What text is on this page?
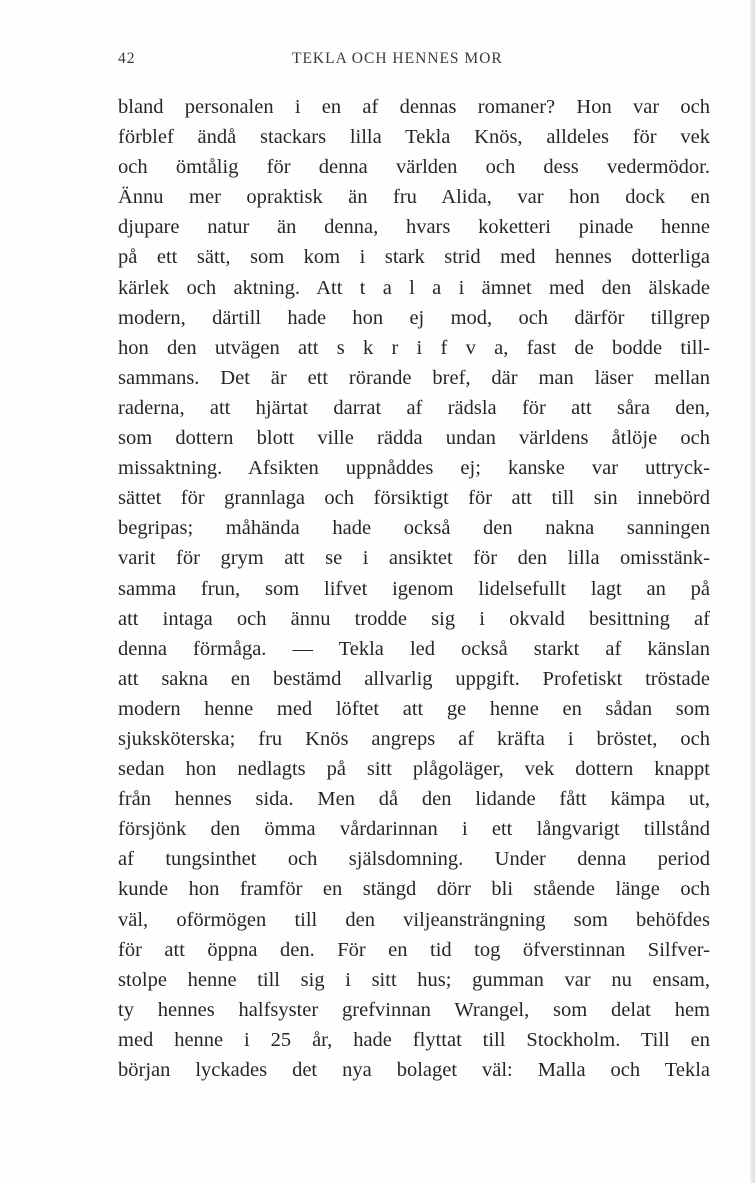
42	TEKLA OCH HENNES MOR
bland personalen i en af dennas romaner? Hon var och
förblef ändå stackars lilla Tekla Knös, alldeles för vek
och ömtålig för denna världen och dess vedermödor.
Ännu mer opraktisk än fru Alida, var hon dock en
djupare natur än denna, hvars koketteri pinade henne
på ett sätt, som kom i stark strid med hennes dotterliga
kärlek och aktning. Att t a l a i ämnet med den älskade
modern, därtill hade hon ej mod, och därför tillgrep
hon den utvägen att s k r i f v a, fast de bodde till-
sammans. Det är ett rörande bref, där man läser mellan
raderna, att hjärtat darrat af rädsla för att såra den,
som dottern blott ville rädda undan världens åtlöje och
missaktning. Afsikten uppnåddes ej; kanske var uttryck-
sättet för grannlaga och försiktigt för att till sin innebörd
begripas; måhända hade också den nakna sanningen
varit för grym att se i ansiktet för den lilla omisstänk-
samma frun, som lifvet igenom lidelsefullt lagt an på
att intaga och ännu trodde sig i okvald besittning af
denna förmåga. — Tekla led också starkt af känslan
att sakna en bestämd allvarlig uppgift. Profetiskt tröstade
modern henne med löftet att ge henne en sådan som
sjuksköterska; fru Knös angreps af kräfta i bröstet, och
sedan hon nedlagts på sitt plågoläger, vek dottern knappt
från hennes sida. Men då den lidande fått kämpa ut,
försjönk den ömma vårdarinnan i ett långvarigt tillstånd
af tungsinthet och själsdomning. Under denna period
kunde hon framför en stängd dörr bli stående länge och
väl, oförmögen till den viljeansträngning som behöfdes
för att öppna den. För en tid tog öfverstinnan Silfver-
stolpe henne till sig i sitt hus; gumman var nu ensam,
ty hennes halfsyster grefvinnan Wrangel, som delat hem
med henne i 25 år, hade flyttat till Stockholm. Till en
början lyckades det nya bolaget väl: Malla och Tekla
